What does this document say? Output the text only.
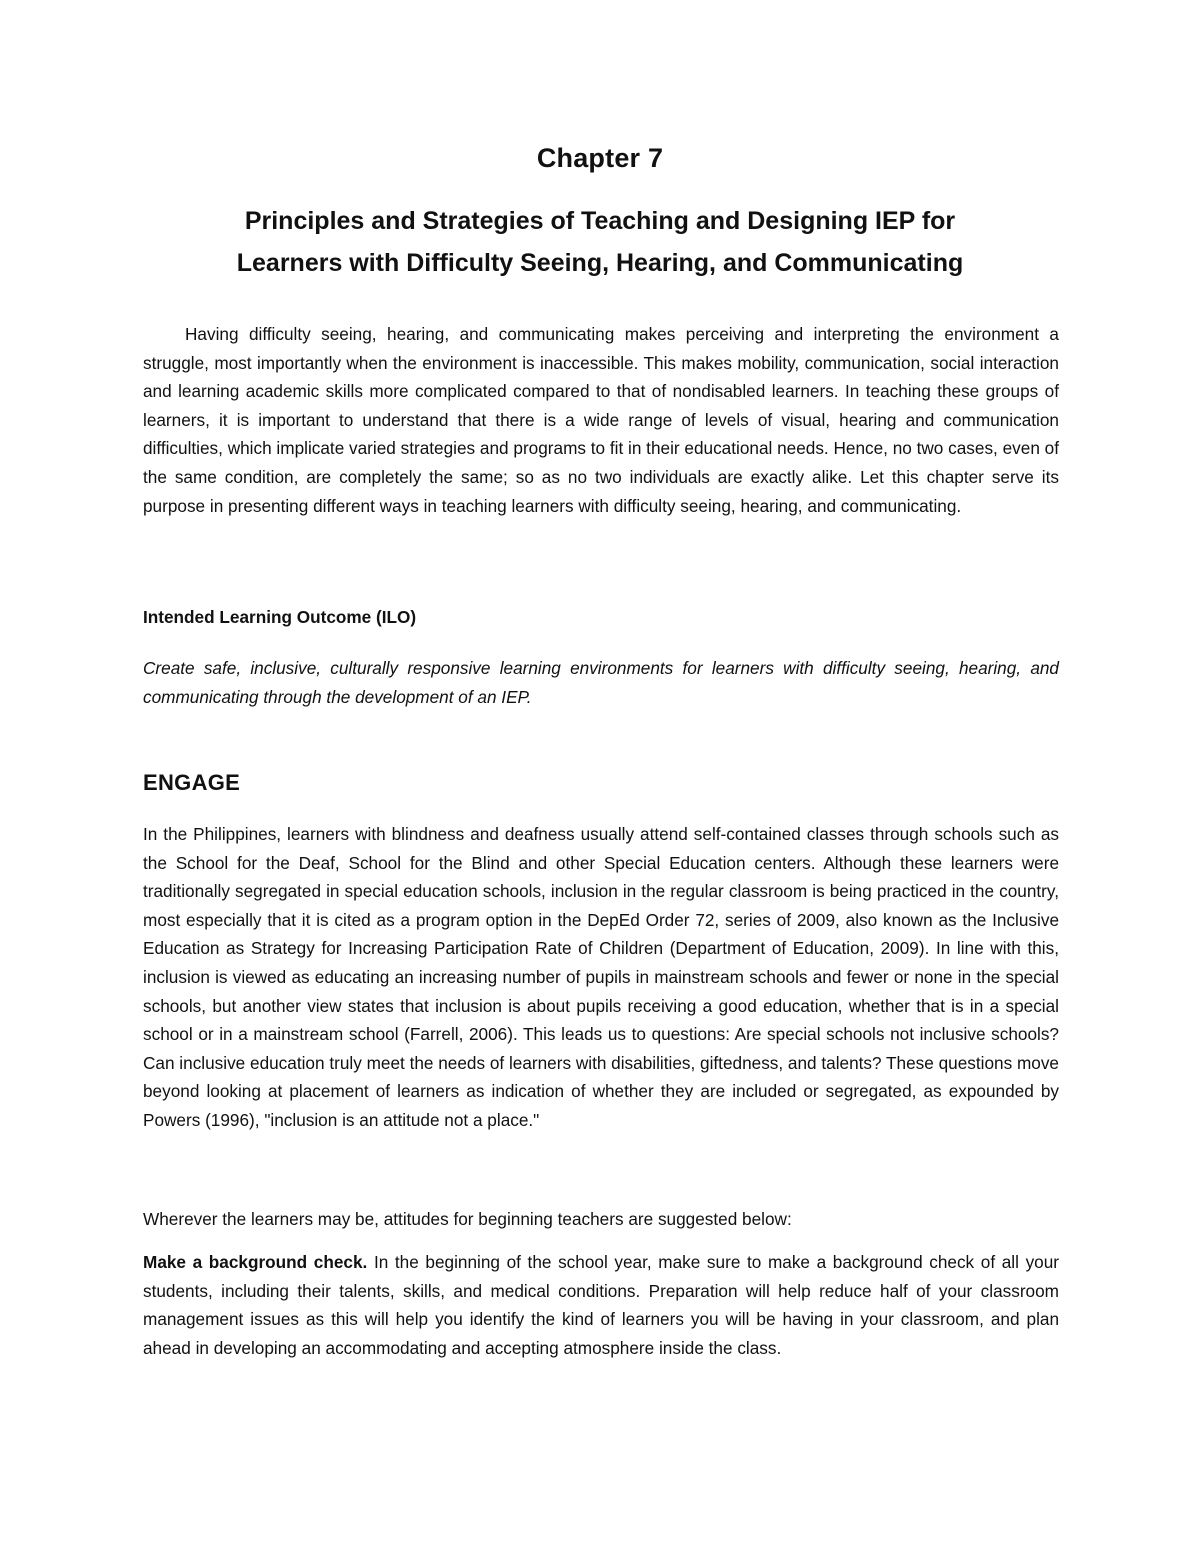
Chapter 7
Principles and Strategies of Teaching and Designing IEP for
Learners with Difficulty Seeing, Hearing, and Communicating

Having difficulty seeing, hearing, and communicating makes perceiving and interpreting the environment a struggle, most importantly when the environment is inaccessible. This makes mobility, communication, social interaction and learning academic skills more complicated compared to that of nondisabled learners. In teaching these groups of learners, it is important to understand that there is a wide range of levels of visual, hearing and communication difficulties, which implicate varied strategies and programs to fit in their educational needs. Hence, no two cases, even of the same condition, are completely the same; so as no two individuals are exactly alike. Let this chapter serve its purpose in presenting different ways in teaching learners with difficulty seeing, hearing, and communicating.

Intended Learning Outcome (ILO)

Create safe, inclusive, culturally responsive learning environments for learners with difficulty seeing, hearing, and communicating through the development of an IEP.

ENGAGE

In the Philippines, learners with blindness and deafness usually attend self-contained classes through schools such as the School for the Deaf, School for the Blind and other Special Education centers. Although these learners were traditionally segregated in special education schools, inclusion in the regular classroom is being practiced in the country, most especially that it is cited as a program option in the DepEd Order 72, series of 2009, also known as the Inclusive Education as Strategy for Increasing Participation Rate of Children (Department of Education, 2009). In line with this, inclusion is viewed as educating an increasing number of pupils in mainstream schools and fewer or none in the special schools, but another view states that inclusion is about pupils receiving a good education, whether that is in a special school or in a mainstream school (Farrell, 2006). This leads us to questions: Are special schools not inclusive schools? Can inclusive education truly meet the needs of learners with disabilities, giftedness, and talents? These questions move beyond looking at placement of learners as indication of whether they are included or segregated, as expounded by Powers (1996), "inclusion is an attitude not a place."

Wherever the learners may be, attitudes for beginning teachers are suggested below:

Make a background check. In the beginning of the school year, make sure to make a background check of all your students, including their talents, skills, and medical conditions. Preparation will help reduce half of your classroom management issues as this will help you identify the kind of learners you will be having in your classroom, and plan ahead in developing an accommodating and accepting atmosphere inside the class.
